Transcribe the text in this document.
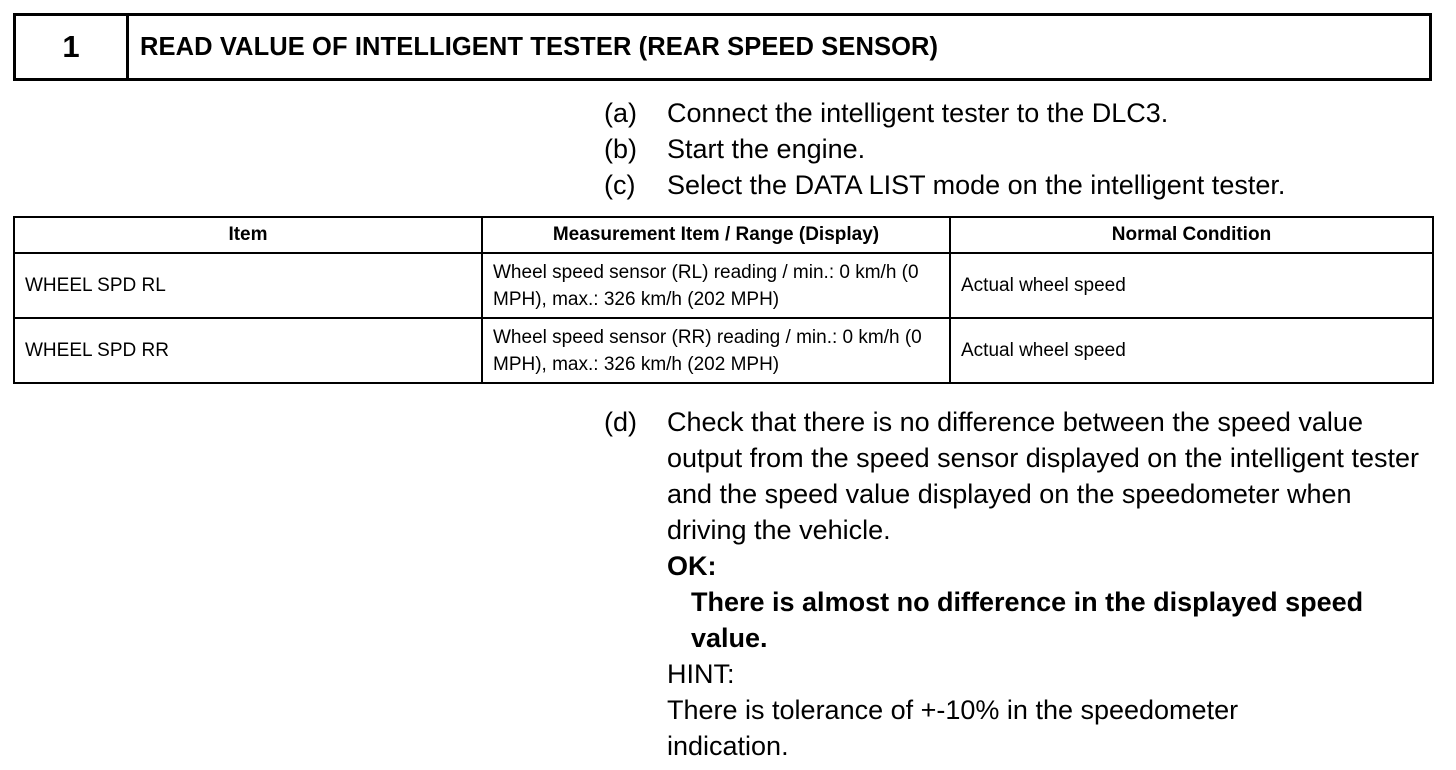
1	READ VALUE OF INTELLIGENT TESTER (REAR SPEED SENSOR)
(a)	Connect the intelligent tester to the DLC3.
(b)	Start the engine.
(c)	Select the DATA LIST mode on the intelligent tester.
Item	Measurement Item / Range (Display)	Normal Condition
WHEEL SPD RL	Wheel speed sensor (RL) reading / min.: 0 km/h (0 MPH), max.: 326 km/h (202 MPH)	Actual wheel speed
WHEEL SPD RR	Wheel speed sensor (RR) reading / min.: 0 km/h (0 MPH), max.: 326 km/h (202 MPH)	Actual wheel speed
(d)	Check that there is no difference between the speed value output from the speed sensor displayed on the intelligent tester and the speed value displayed on the speedometer when driving the vehicle.
OK:
There is almost no difference in the displayed speed value.
HINT:
There is tolerance of +-10% in the speedometer indication.
